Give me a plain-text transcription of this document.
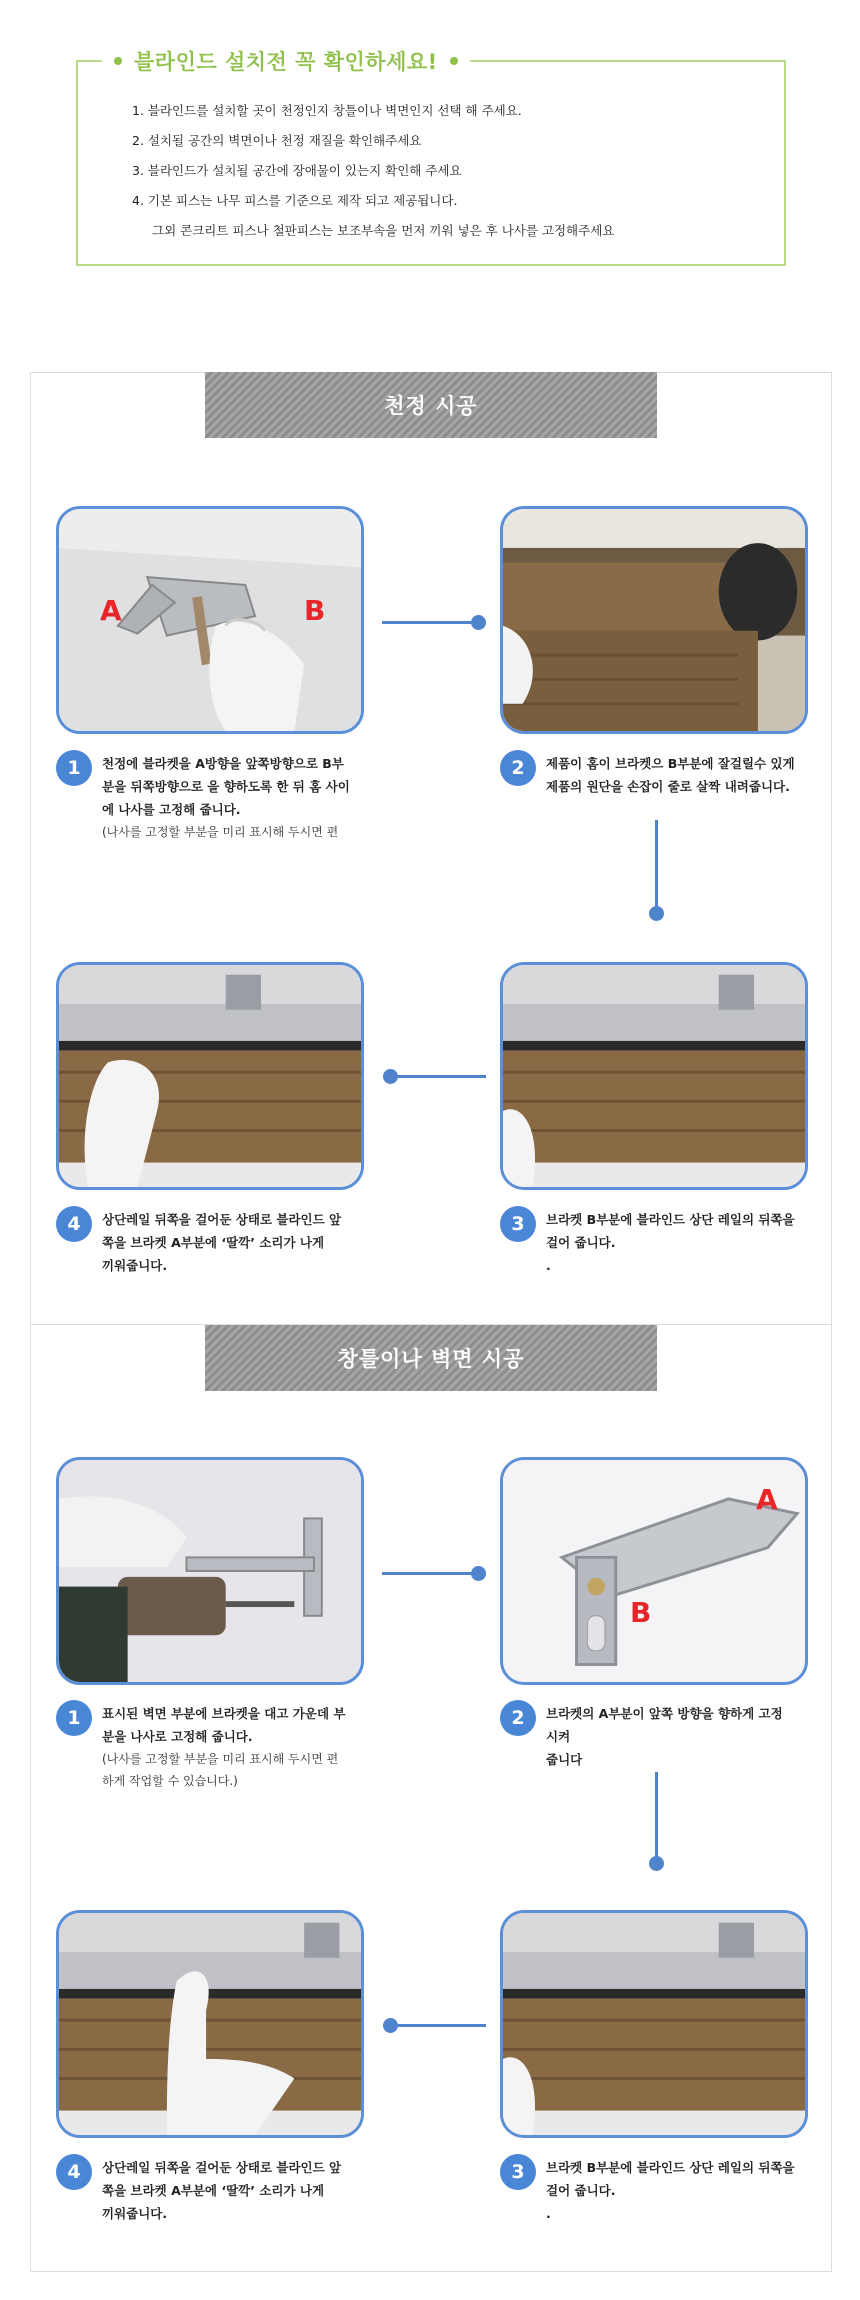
블라인드 설치전 꼭 확인하세요!
1. 블라인드를 설치할 곳이 천정인지 창틀이나 벽면인지 선택 해 주세요.
2. 설치될 공간의 벽면이나 천정 재질을 확인해주세요
3. 블라인드가 설치될 공간에 장애물이 있는지 확인해 주세요
4. 기본 피스는 나무 피스를 기준으로 제작 되고 제공됩니다.
그외 콘크리트 피스나 철판피스는 보조부속을 먼저 끼워 넣은 후 나사를 고정해주세요
천정 시공
A	B
1	천정에 블라켓을 A방향을 앞쪽방향으로 B부
분을 뒤쪽방향으로 을 향하도록 한 뒤 홈 사이
에 나사를 고정해 줍니다.
(나사를 고정할 부분을 미리 표시해 두시면 편
2	제품이 홈이 브라켓으 B부분에 잘걸릴수 있게
제품의 원단을 손잡이 줄로 살짝 내려줍니다.
4	상단레일 뒤쪽을 걸어둔 상태로 블라인드 앞
쪽을 브라켓 A부분에 ‘딸깍’ 소리가 나게
끼워줍니다.
3	브라켓 B부분에 블라인드 상단 레일의 뒤쪽을
걸어 줍니다.
.
창틀이나 벽면 시공
A
B
1	표시된 벽면 부분에 브라켓을 대고 가운데 부
분을 나사로 고정해 줍니다.
(나사를 고정할 부분을 미리 표시해 두시면 편
하게 작업할 수 있습니다.)
2	브라켓의 A부분이 앞쪽 방향을 향하게 고정
시켜
줍니다
4	상단레일 뒤쪽을 걸어둔 상태로 블라인드 앞
쪽을 브라켓 A부분에 ‘딸깍’ 소리가 나게
끼워줍니다.
3	브라켓 B부분에 블라인드 상단 레일의 뒤쪽을
걸어 줍니다.
.
